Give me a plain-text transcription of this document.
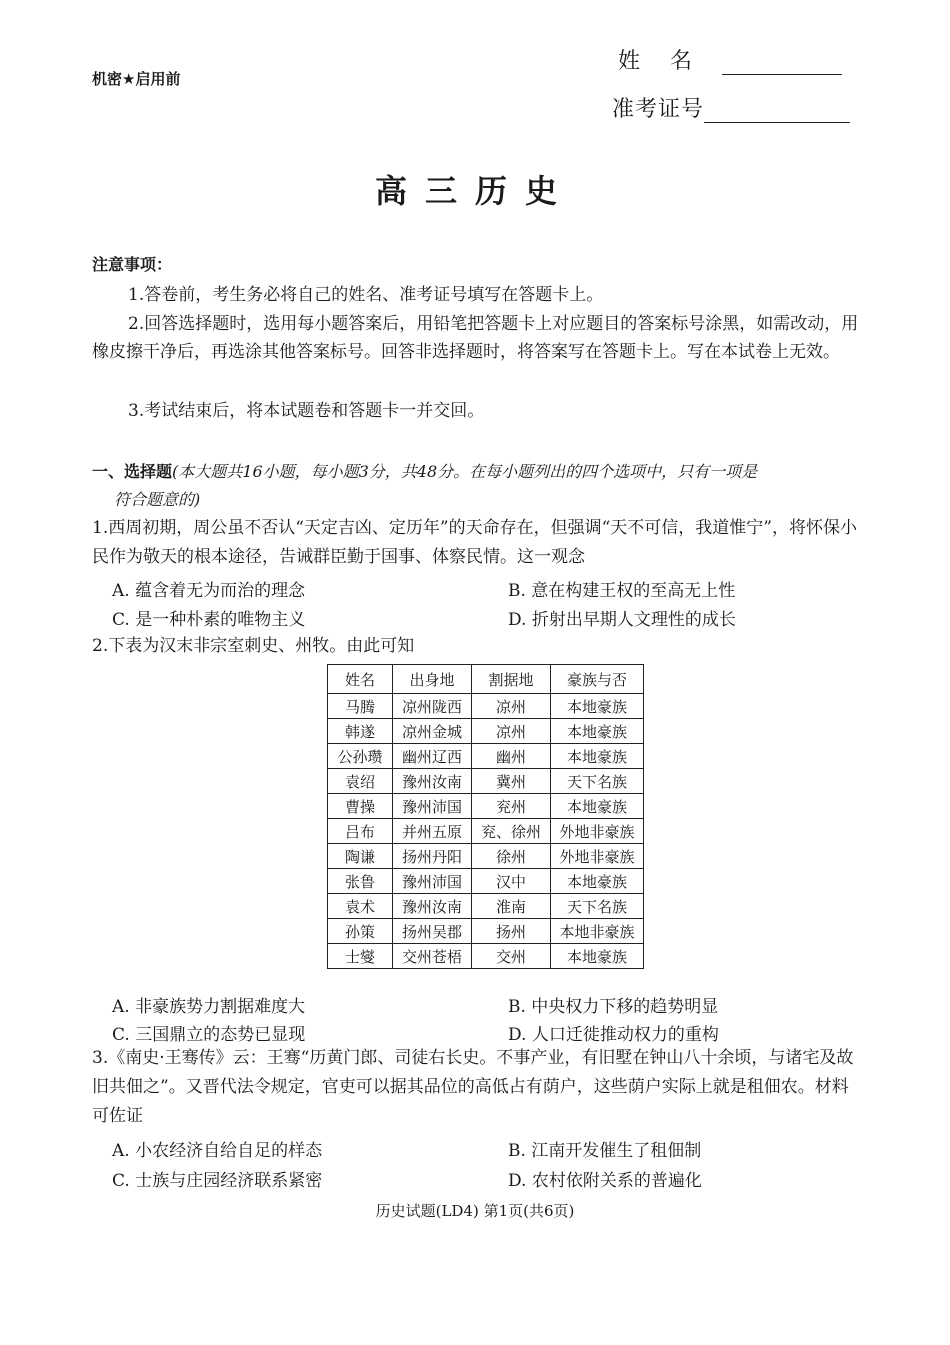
机密★启用前
姓名
准考证号
高三历史
注意事项：
1.答卷前，考生务必将自己的姓名、准考证号填写在答题卡上。
2.回答选择题时，选用每小题答案后，用铅笔把答题卡上对应题目的答案标号涂黑，如需改动，用橡皮擦干净后，再选涂其他答案标号。回答非选择题时，将答案写在答题卡上。写在本试卷上无效。
3.考试结束后，将本试题卷和答题卡一并交回。
一、选择题(本大题共16小题，每小题3分，共48分。在每小题列出的四个选项中，只有一项是
符合题意的)
1.西周初期，周公虽不否认“天定吉凶、定历年”的天命存在，但强调“天不可信，我道惟宁”，将怀保小民作为敬天的根本途径，告诫群臣勤于国事、体察民情。这一观念
A. 蕴含着无为而治的理念	B. 意在构建王权的至高无上性
C. 是一种朴素的唯物主义	D. 折射出早期人文理性的成长
2.下表为汉末非宗室刺史、州牧。由此可知
姓名	出身地	割据地	豪族与否
马腾	凉州陇西	凉州	本地豪族
韩遂	凉州金城	凉州	本地豪族
公孙瓒	幽州辽西	幽州	本地豪族
袁绍	豫州汝南	冀州	天下名族
曹操	豫州沛国	兖州	本地豪族
吕布	并州五原	兖、徐州	外地非豪族
陶谦	扬州丹阳	徐州	外地非豪族
张鲁	豫州沛国	汉中	本地豪族
袁术	豫州汝南	淮南	天下名族
孙策	扬州吴郡	扬州	本地非豪族
士燮	交州苍梧	交州	本地豪族
A. 非豪族势力割据难度大	B. 中央权力下移的趋势明显
C. 三国鼎立的态势已显现	D. 人口迁徙推动权力的重构
3.《南史·王骞传》云：王骞“历黄门郎、司徒右长史。不事产业，有旧墅在钟山八十余顷，与诸宅及故旧共佃之”。又晋代法令规定，官吏可以据其品位的高低占有荫户，这些荫户实际上就是租佃农。材料可佐证
A. 小农经济自给自足的样态	B. 江南开发催生了租佃制
C. 士族与庄园经济联系紧密	D. 农村依附关系的普遍化
历史试题(LD4) 第1页(共6页)
